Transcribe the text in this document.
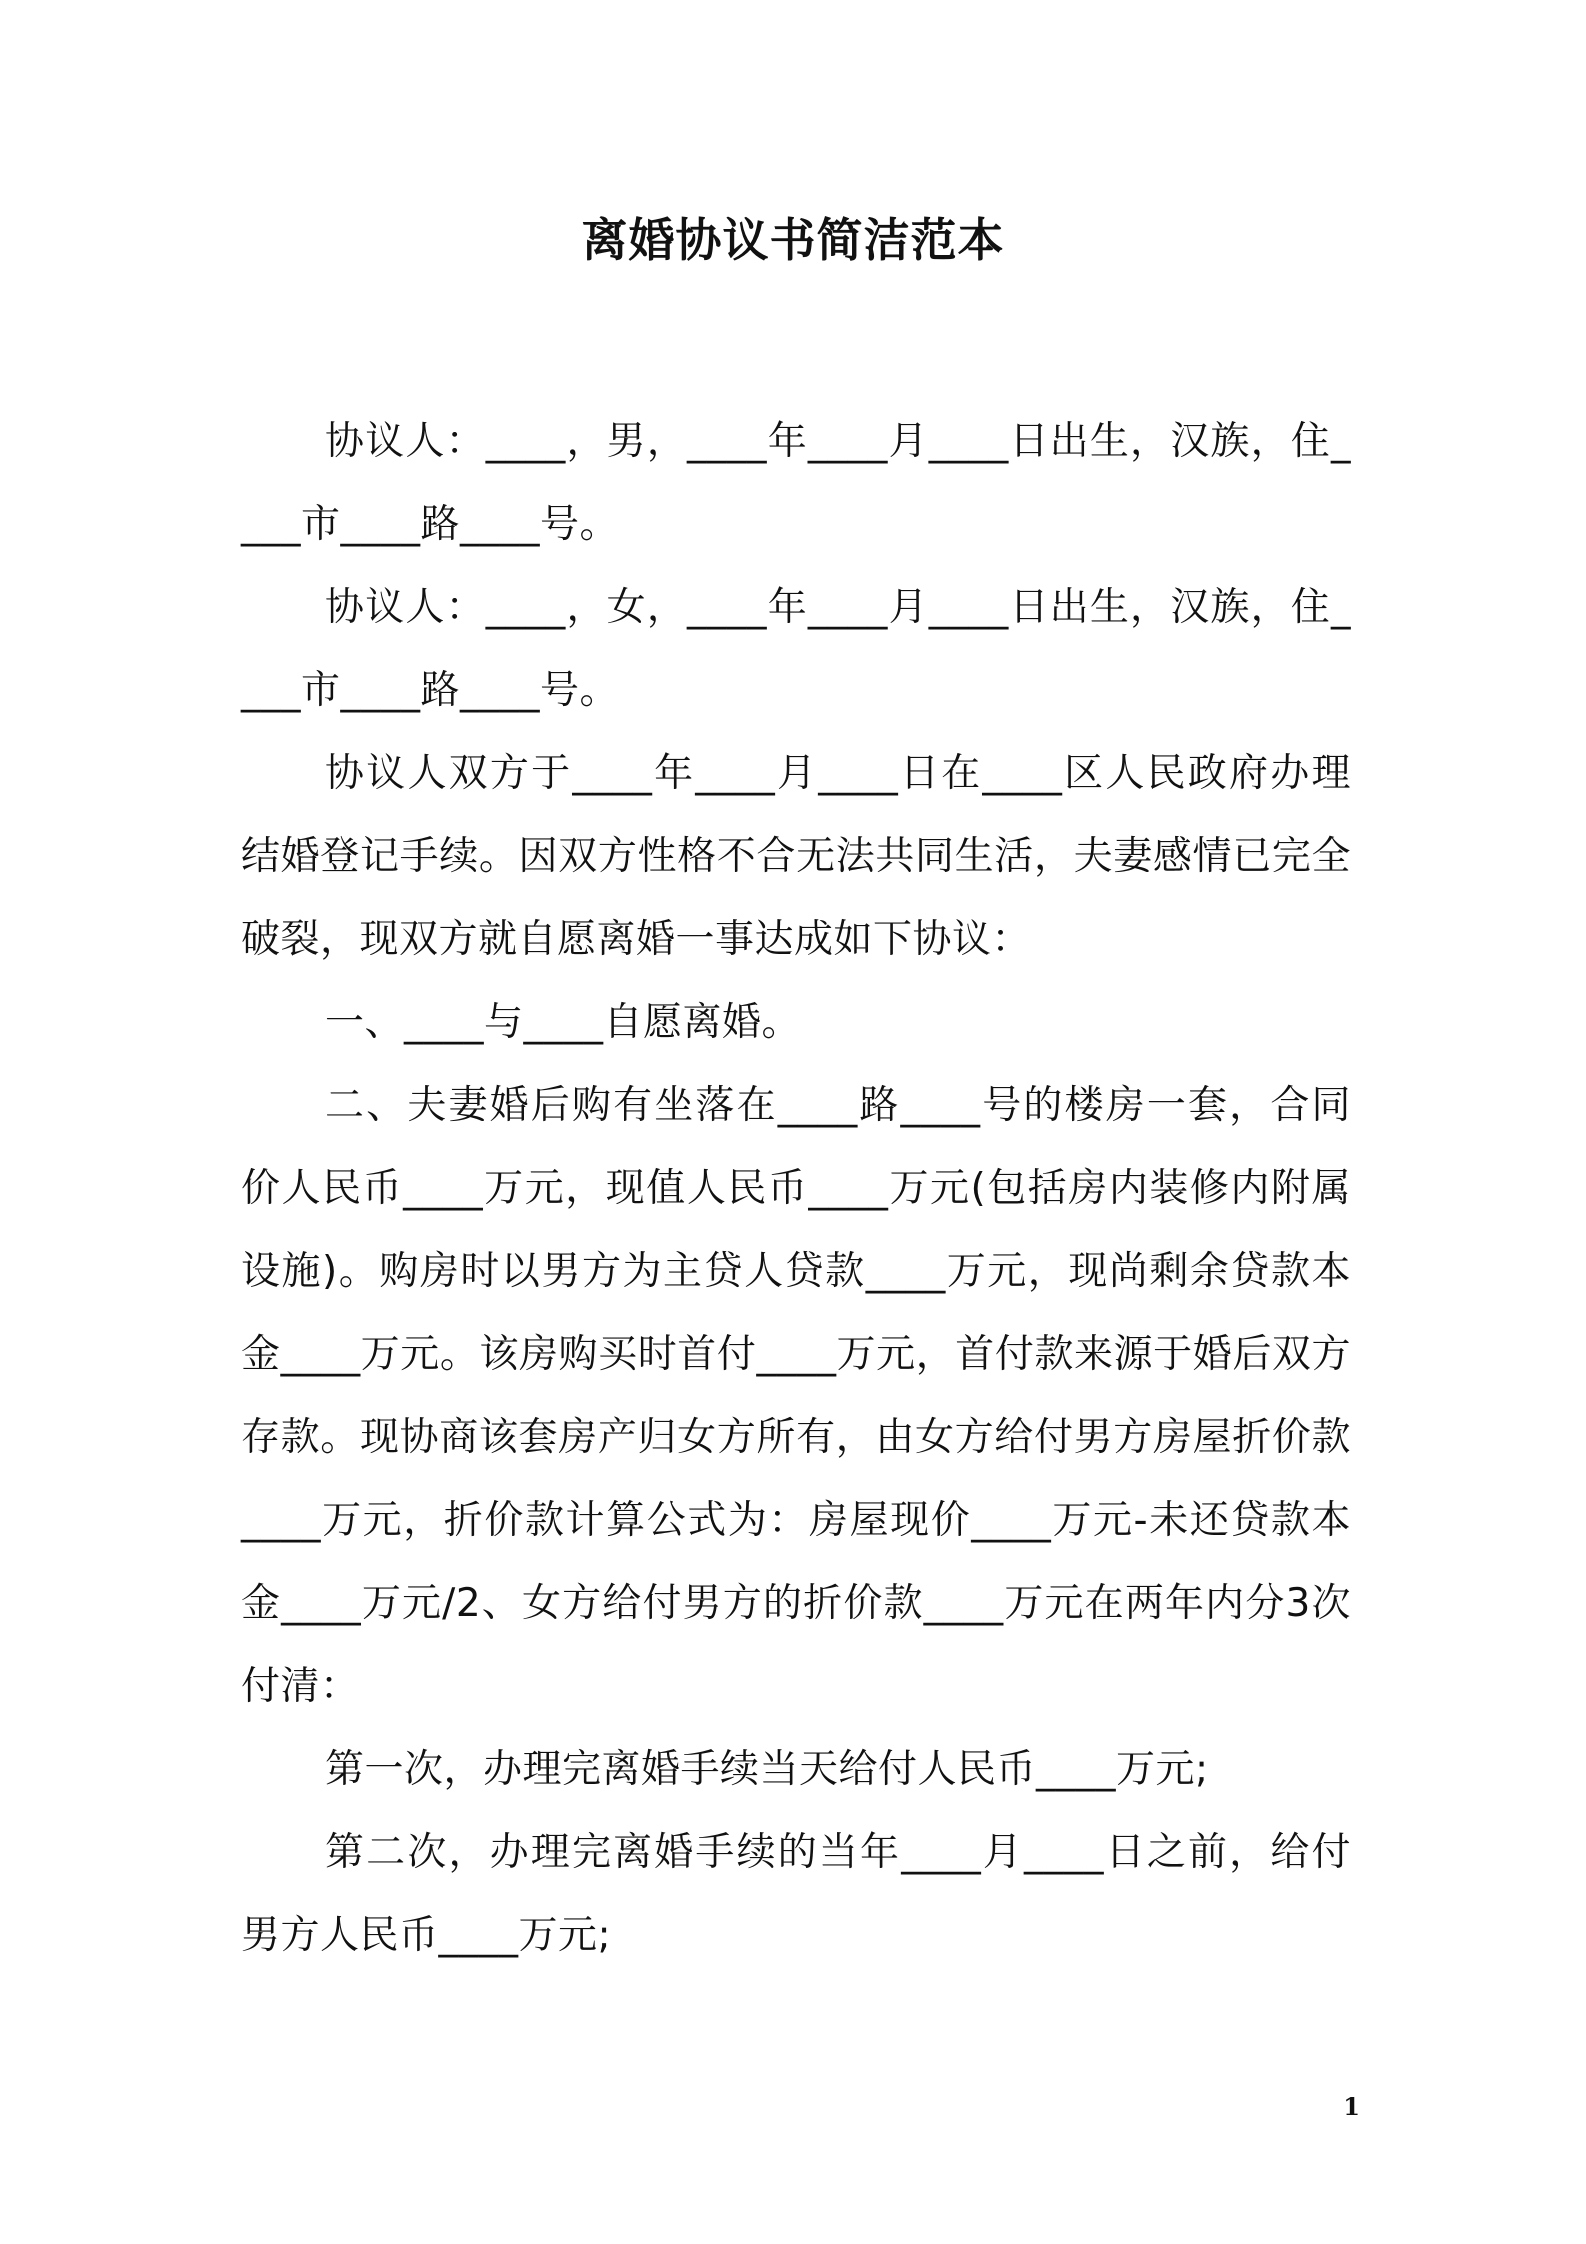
离婚协议书简洁范本

协议人：____，男，____年____月____日出生，汉族，住____市____路____号。

协议人：____，女，____年____月____日出生，汉族，住____市____路____号。

协议人双方于____年____月____日在____区人民政府办理结婚登记手续。因双方性格不合无法共同生活，夫妻感情已完全破裂，现双方就自愿离婚一事达成如下协议：

一、____与____自愿离婚。

二、夫妻婚后购有坐落在____路____号的楼房一套，合同价人民币____万元，现值人民币____万元(包括房内装修内附属设施)。购房时以男方为主贷人贷款____万元，现尚剩余贷款本金____万元。该房购买时首付____万元，首付款来源于婚后双方存款。现协商该套房产归女方所有，由女方给付男方房屋折价款____万元，折价款计算公式为：房屋现价____万元-未还贷款本金____万元/2、女方给付男方的折价款____万元在两年内分3次付清：

第一次，办理完离婚手续当天给付人民币____万元;

第二次，办理完离婚手续的当年____月____日之前，给付男方人民币____万元;

1
